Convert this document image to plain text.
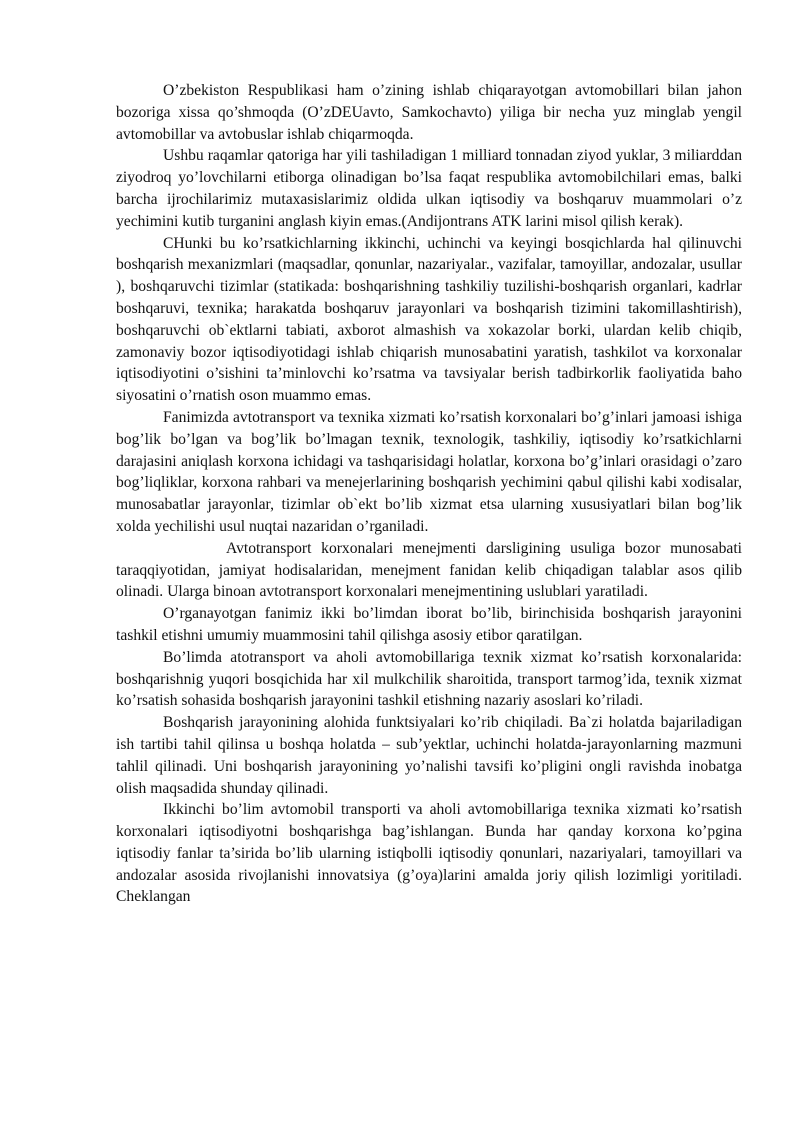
O’zbekiston Respublikasi ham o’zining ishlab chiqarayotgan avtomobillari bilan jahon bozoriga xissa qo’shmoqda (O’zDEUavto, Samkochavto) yiliga bir necha yuz minglab yengil avtomobillar va avtobuslar ishlab chiqarmoqda.

Ushbu raqamlar qatoriga har yili tashiladigan 1 milliard tonnadan ziyod yuklar, 3 miliarddan ziyodroq yo’lovchilarni etiborga olinadigan bo’lsa faqat respublika avtomobilchilari emas, balki barcha ijrochilarimiz mutaxasislarimiz oldida ulkan iqtisodiy va boshqaruv muammolari o’z yechimini kutib turganini anglash kiyin emas.(Andijontrans ATK larini misol qilish kerak).

CHunki bu ko’rsatkichlarning ikkinchi, uchinchi va keyingi bosqichlarda hal qilinuvchi boshqarish mexanizmlari (maqsadlar, qonunlar, nazariyalar., vazifalar, tamoyillar, andozalar, usullar ), boshqaruvchi tizimlar (statikada: boshqarishning tashkiliy tuzilishi-boshqarish organlari, kadrlar boshqaruvi, texnika; harakatda boshqaruv jarayonlari va boshqarish tizimini takomillashtirish), boshqaruvchi ob`ektlarni tabiati, axborot almashish va xokazolar borki, ulardan kelib chiqib, zamonaviy bozor iqtisodiyotidagi ishlab chiqarish munosabatini yaratish, tashkilot va korxonalar iqtisodiyotini o’sishini ta’minlovchi ko’rsatma va tavsiyalar berish tadbirkorlik faoliyatida baho siyosatini o’rnatish oson muammo emas.

Fanimizda avtotransport va texnika xizmati ko’rsatish korxonalari bo’g’inlari jamoasi ishiga bog’lik bo’lgan va bog’lik bo’lmagan texnik, texnologik, tashkiliy, iqtisodiy ko’rsatkichlarni darajasini aniqlash korxona ichidagi va tashqarisidagi holatlar, korxona bo’g’inlari orasidagi o’zaro bog’liqliklar, korxona rahbari va menejerlarining boshqarish yechimini qabul qilishi kabi xodisalar, munosabatlar jarayonlar, tizimlar ob`ekt bo’lib xizmat etsa ularning xususiyatlari bilan bog’lik xolda yechilishi usul nuqtai nazaridan o’rganiladi.

Avtotransport korxonalari menejmenti darsligining usuliga bozor munosabati taraqqiyotidan, jamiyat hodisalaridan, menejment fanidan kelib chiqadigan talablar asos qilib olinadi. Ularga binoan avtotransport korxonalari menejmentining uslublari yaratiladi.

O’rganayotgan fanimiz ikki bo’limdan iborat bo’lib, birinchisida boshqarish jarayonini tashkil etishni umumiy muammosini tahil qilishga asosiy etibor qaratilgan.

Bo’limda atotransport va aholi avtomobillariga texnik xizmat ko’rsatish korxonalarida: boshqarishnig yuqori bosqichida har xil mulkchilik sharoitida, transport tarmog’ida, texnik xizmat ko’rsatish sohasida boshqarish jarayonini tashkil etishning nazariy asoslari ko’riladi.

Boshqarish jarayonining alohida funktsiyalari ko’rib chiqiladi. Ba`zi holatda bajariladigan ish tartibi tahil qilinsa u boshqa holatda – sub’yektlar, uchinchi holatda-jarayonlarning mazmuni tahlil qilinadi. Uni boshqarish jarayonining yo’nalishi tavsifi ko’pligini ongli ravishda inobatga olish maqsadida shunday qilinadi.

Ikkinchi bo’lim avtomobil transporti va aholi avtomobillariga texnika xizmati ko’rsatish korxonalari iqtisodiyotni boshqarishga bag’ishlangan. Bunda har qanday korxona ko’pgina iqtisodiy fanlar ta’sirida bo’lib ularning istiqbolli iqtisodiy qonunlari, nazariyalari, tamoyillari va andozalar asosida rivojlanishi innovatsiya (g’oya)larini amalda joriy qilish lozimligi yoritiladi. Cheklangan
